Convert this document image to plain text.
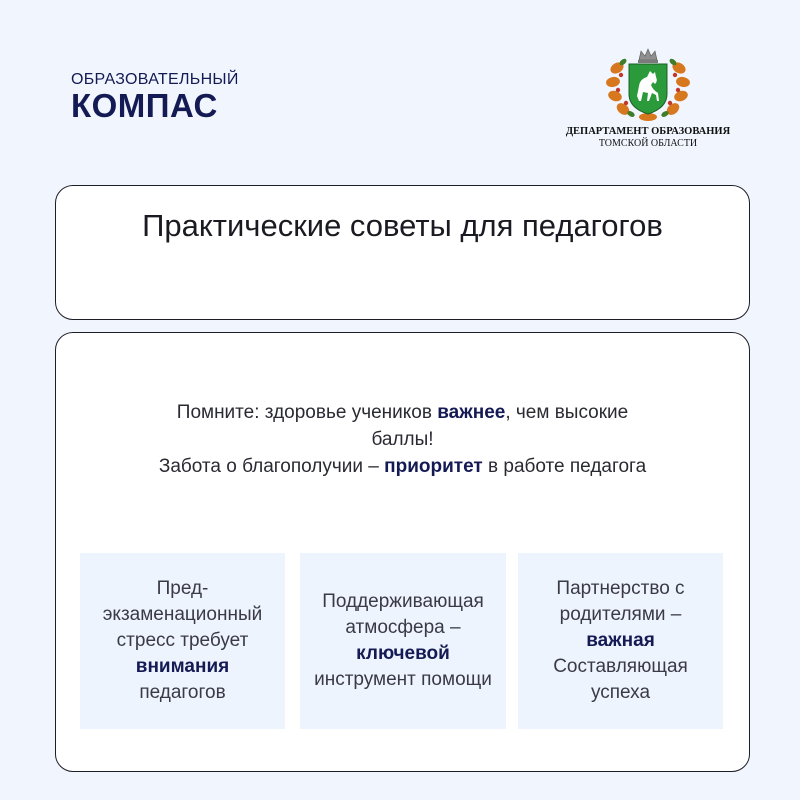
ОБРАЗОВАТЕЛЬНЫЙ
КОМПАС
ДЕПАРТАМЕНТ ОБРАЗОВАНИЯ
ТОМСКОЙ ОБЛАСТИ
Практические советы для педагогов
Помните: здоровье учеников важнее, чем высокие баллы!
Забота о благополучии – приоритет в работе педагога
Пред-экзаменационный стресс требует
внимания
педагогов
Поддерживающая атмосфера –
ключевой
инструмент помощи
Партнерство с родителями –
важная
Составляющая успеха
